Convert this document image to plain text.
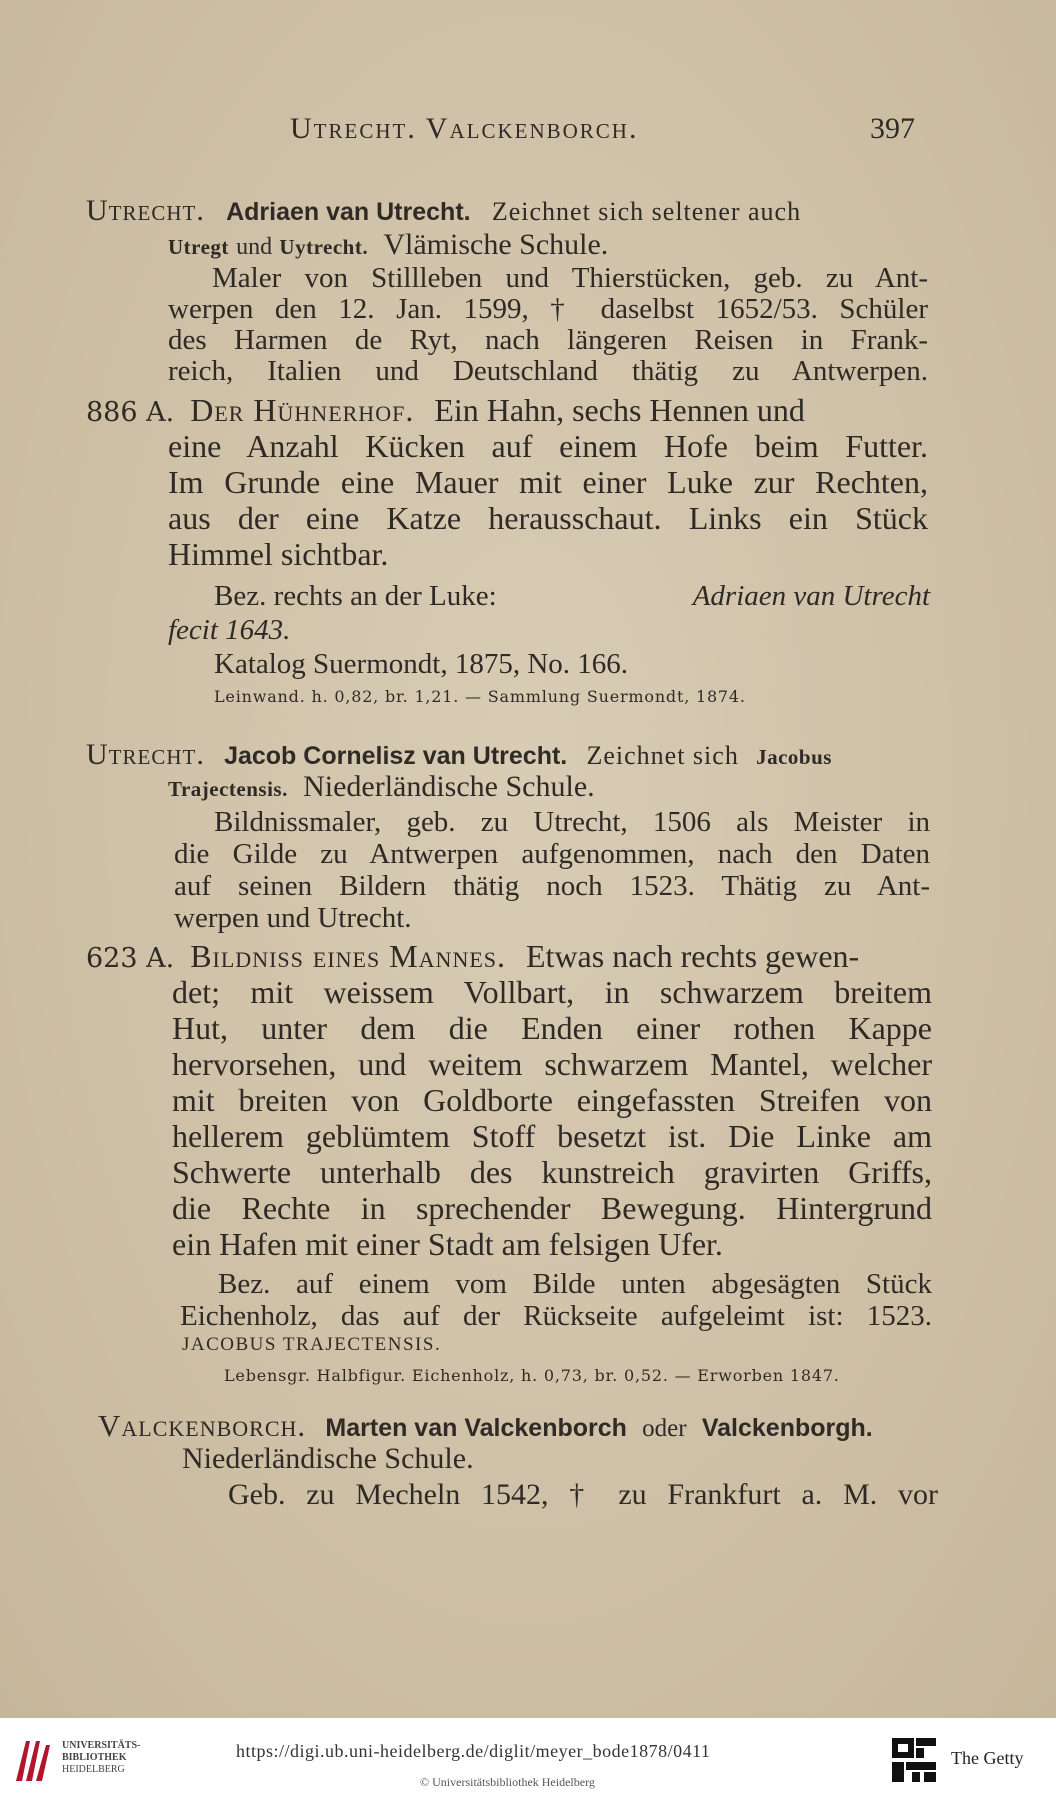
Utrecht. Valckenborch.	397
Utrecht. Adriaen van Utrecht. Zeichnet sich seltener auch
Utregt und Uytrecht. Vlämische Schule.
Maler von Stillleben und Thierstücken, geb. zu Ant-
werpen den 12. Jan. 1599, † daselbst 1652/53. Schüler
des Harmen de Ryt, nach längeren Reisen in Frank-
reich, Italien und Deutschland thätig zu Antwerpen.
886 A. Der Hühnerhof. Ein Hahn, sechs Hennen und
eine Anzahl Kücken auf einem Hofe beim Futter.
Im Grunde eine Mauer mit einer Luke zur Rechten,
aus der eine Katze herausschaut. Links ein Stück
Himmel sichtbar.
Bez. rechts an der Luke:	Adriaen van Utrecht
fecit 1643.
Katalog Suermondt, 1875, No. 166.
Leinwand. h. 0,82, br. 1,21. — Sammlung Suermondt, 1874.
Utrecht. Jacob Cornelisz van Utrecht. Zeichnet sich Jacobus
Trajectensis. Niederländische Schule.
Bildnissmaler, geb. zu Utrecht, 1506 als Meister in
die Gilde zu Antwerpen aufgenommen, nach den Daten
auf seinen Bildern thätig noch 1523. Thätig zu Ant-
werpen und Utrecht.
623 A. Bildniss eines Mannes. Etwas nach rechts gewen-
det; mit weissem Vollbart, in schwarzem breitem
Hut, unter dem die Enden einer rothen Kappe
hervorsehen, und weitem schwarzem Mantel, welcher
mit breiten von Goldborte eingefassten Streifen von
hellerem geblümtem Stoff besetzt ist. Die Linke am
Schwerte unterhalb des kunstreich gravirten Griffs,
die Rechte in sprechender Bewegung. Hintergrund
ein Hafen mit einer Stadt am felsigen Ufer.
Bez. auf einem vom Bilde unten abgesägten Stück
Eichenholz, das auf der Rückseite aufgeleimt ist: 1523.
JACOBUS TRAJECTENSIS.
Lebensgr. Halbfigur. Eichenholz, h. 0,73, br. 0,52. — Erworben 1847.
Valckenborch. Marten van Valckenborch oder Valckenborgh.
Niederländische Schule.
Geb. zu Mecheln 1542, † zu Frankfurt a. M. vor
UNIVERSITÄTS-
BIBLIOTHEK
HEIDELBERG
https://digi.ub.uni-heidelberg.de/diglit/meyer_bode1878/0411
© Universitätsbibliothek Heidelberg
The Getty
